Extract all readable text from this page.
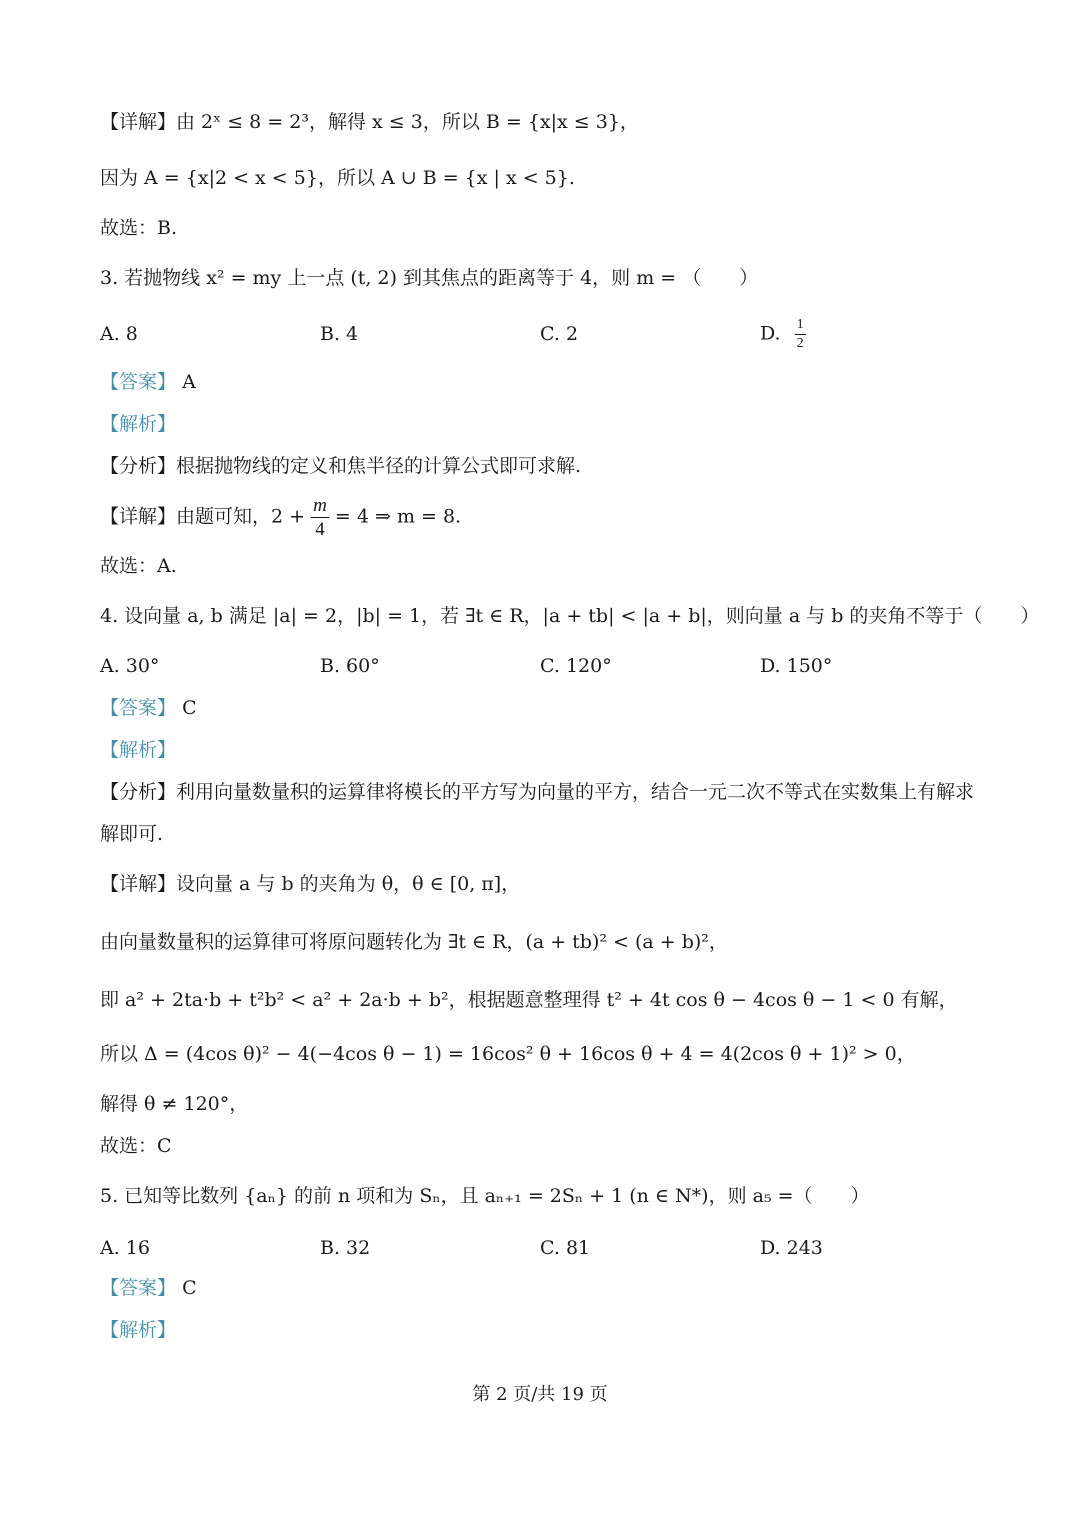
【详解】由 2ˣ ≤ 8 = 2³，解得 x ≤ 3，所以 B = {x|x ≤ 3}，
因为 A = {x|2 < x < 5}，所以 A ∪ B = {x | x < 5}.
故选：B.
3. 若抛物线 x² = my 上一点 (t, 2) 到其焦点的距离等于 4，则 m = （　　）
A. 8	B. 4	C. 2	D. $\frac{1}{2}$
【答案】 A
【解析】
【分析】根据抛物线的定义和焦半径的计算公式即可求解.
【详解】由题可知，$2 + \frac{m}{4} = 4$ ⇒ m = 8.
故选：A.
4. 设向量 a, b 满足 |a| = 2，|b| = 1，若 ∃t ∈ R，|a + tb| < |a + b|，则向量 a 与 b 的夹角不等于（　　）
A. 30°	B. 60°	C. 120°	D. 150°
【答案】 C
【解析】
【分析】利用向量数量积的运算律将模长的平方写为向量的平方，结合一元二次不等式在实数集上有解求
解即可.
【详解】设向量 a 与 b 的夹角为 θ，θ ∈ [0, π]，
由向量数量积的运算律可将原问题转化为 ∃t ∈ R，(a + tb)² < (a + b)²，
即 a² + 2ta·b + t²b² < a² + 2a·b + b²，根据题意整理得 t² + 4t cos θ − 4cos θ − 1 < 0 有解，
所以 Δ = (4cos θ)² − 4(−4cos θ − 1) = 16cos² θ + 16cos θ + 4 = 4(2cos θ + 1)² > 0，
解得 θ ≠ 120°，
故选：C
5. 已知等比数列 {aₙ} 的前 n 项和为 Sₙ，且 aₙ₊₁ = 2Sₙ + 1 (n ∈ N*)，则 a₅ =（　　）
A. 16	B. 32	C. 81	D. 243
【答案】 C
【解析】
第 2 页/共 19 页
